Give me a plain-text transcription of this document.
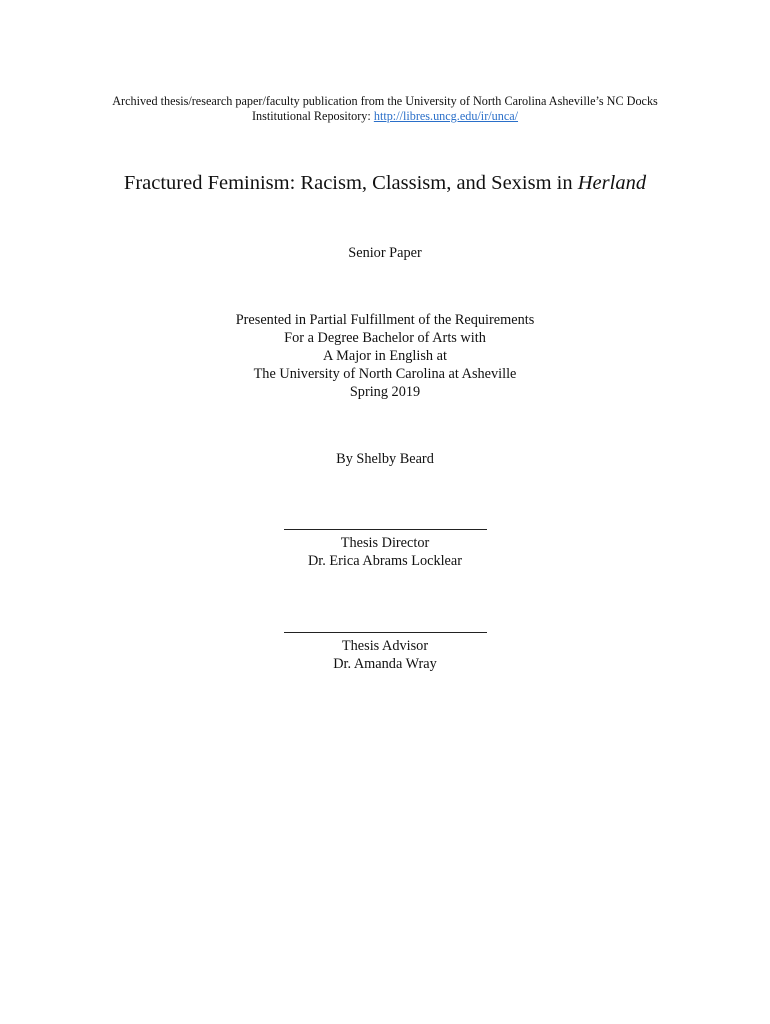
Archived thesis/research paper/faculty publication from the University of North Carolina Asheville’s NC Docks
Institutional Repository: http://libres.uncg.edu/ir/unca/
Fractured Feminism: Racism, Classism, and Sexism in Herland
Senior Paper
Presented in Partial Fulfillment of the Requirements
For a Degree Bachelor of Arts with
A Major in English at
The University of North Carolina at Asheville
Spring 2019
By Shelby Beard
Thesis Director
Dr. Erica Abrams Locklear
Thesis Advisor
Dr. Amanda Wray
